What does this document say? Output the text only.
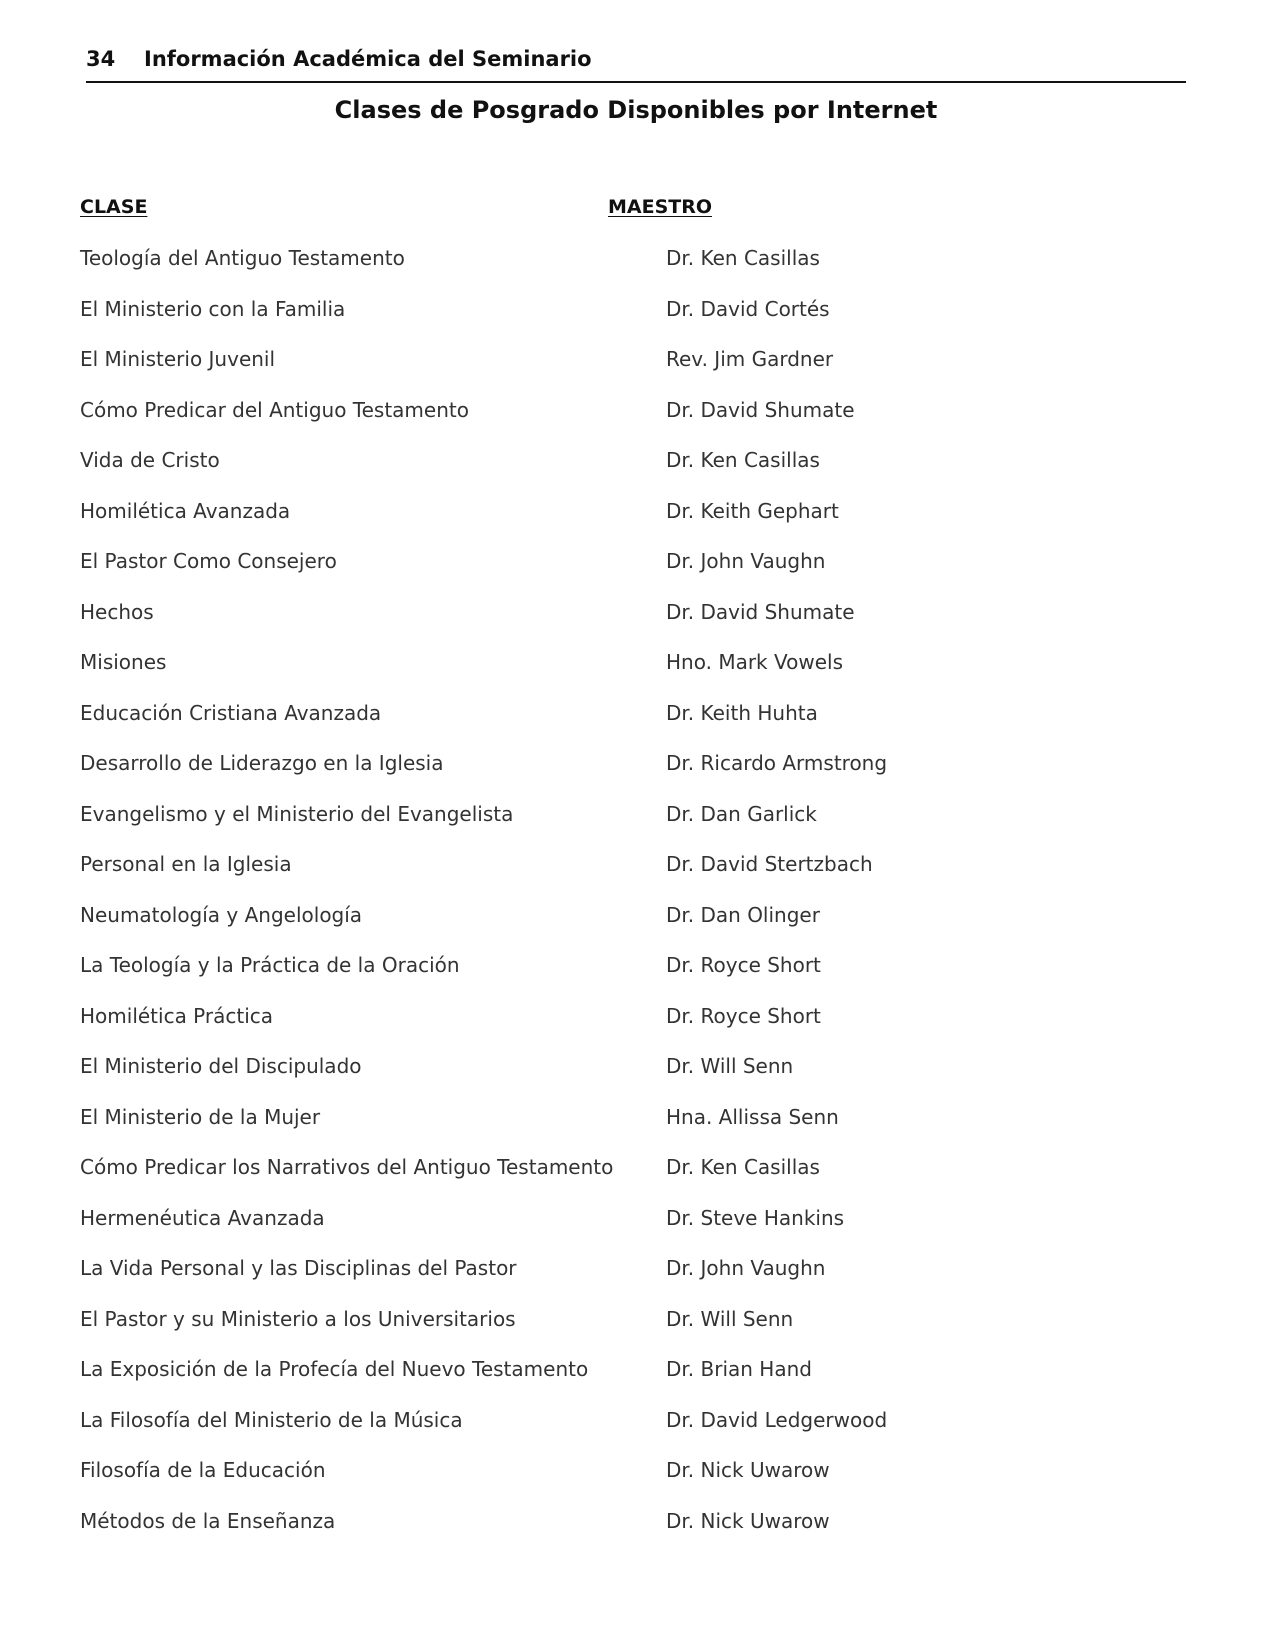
34 Información Académica del Seminario
Clases de Posgrado Disponibles por Internet
CLASE	MAESTRO
Teología del Antiguo Testamento	Dr. Ken Casillas
El Ministerio con la Familia	Dr. David Cortés
El Ministerio Juvenil	Rev. Jim Gardner
Cómo Predicar del Antiguo Testamento	Dr. David Shumate
Vida de Cristo	Dr. Ken Casillas
Homilética Avanzada	Dr. Keith Gephart
El Pastor Como Consejero	Dr. John Vaughn
Hechos	Dr. David Shumate
Misiones	Hno. Mark Vowels
Educación Cristiana Avanzada	Dr. Keith Huhta
Desarrollo de Liderazgo en la Iglesia	Dr. Ricardo Armstrong
Evangelismo y el Ministerio del Evangelista	Dr. Dan Garlick
Personal en la Iglesia	Dr. David Stertzbach
Neumatología y Angelología	Dr. Dan Olinger
La Teología y la Práctica de la Oración	Dr. Royce Short
Homilética Práctica	Dr. Royce Short
El Ministerio del Discipulado	Dr. Will Senn
El Ministerio de la Mujer	Hna. Allissa Senn
Cómo Predicar los Narrativos del Antiguo Testamento	Dr. Ken Casillas
Hermenéutica Avanzada	Dr. Steve Hankins
La Vida Personal y las Disciplinas del Pastor	Dr. John Vaughn
El Pastor y su Ministerio a los Universitarios	Dr. Will Senn
La Exposición de la Profecía del Nuevo Testamento	Dr. Brian Hand
La Filosofía del Ministerio de la Música	Dr. David Ledgerwood
Filosofía de la Educación	Dr. Nick Uwarow
Métodos de la Enseñanza	Dr. Nick Uwarow
